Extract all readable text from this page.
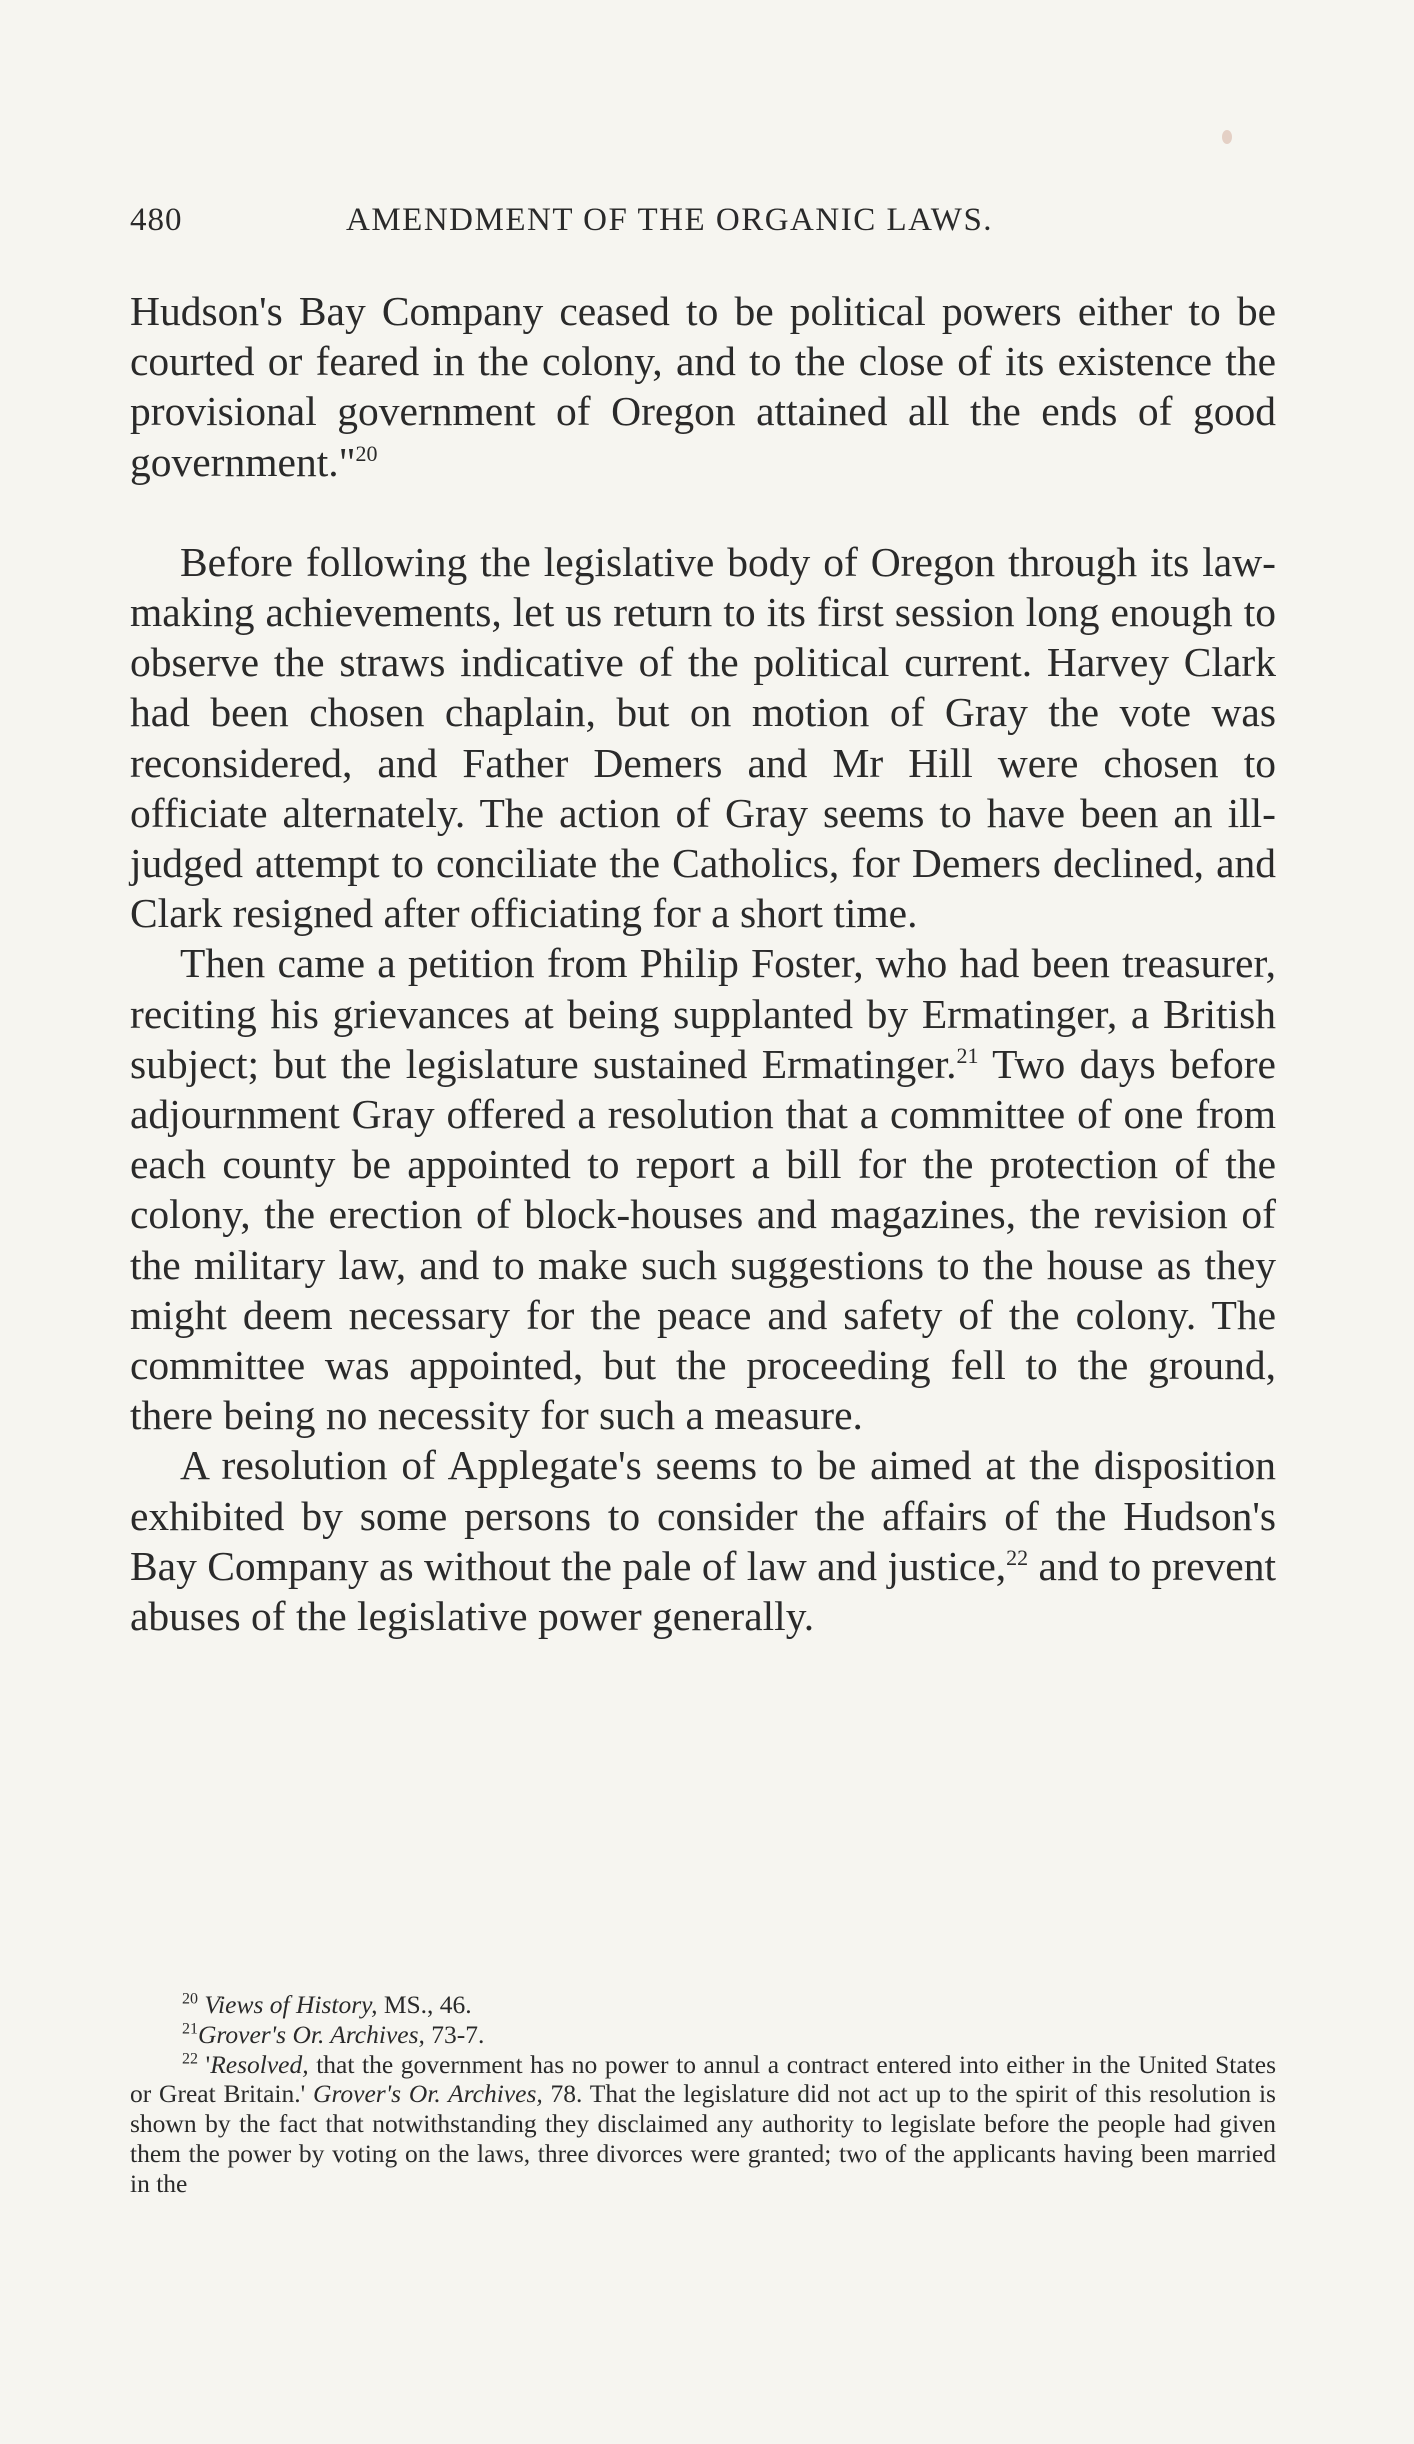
480	AMENDMENT OF THE ORGANIC LAWS.

Hudson's Bay Company ceased to be political powers either to be courted or feared in the colony, and to the close of its existence the provisional government of Oregon attained all the ends of good government."$^{20}$

Before following the legislative body of Oregon through its law-making achievements, let us return to its first session long enough to observe the straws indicative of the political current. Harvey Clark had been chosen chaplain, but on motion of Gray the vote was reconsidered, and Father Demers and Mr Hill were chosen to officiate alternately. The action of Gray seems to have been an ill-judged attempt to conciliate the Catholics, for Demers declined, and Clark resigned after officiating for a short time.

Then came a petition from Philip Foster, who had been treasurer, reciting his grievances at being supplanted by Ermatinger, a British subject; but the legislature sustained Ermatinger.$^{21}$ Two days before adjournment Gray offered a resolution that a committee of one from each county be appointed to report a bill for the protection of the colony, the erection of block-houses and magazines, the revision of the military law, and to make such suggestions to the house as they might deem necessary for the peace and safety of the colony. The committee was appointed, but the proceeding fell to the ground, there being no necessity for such a measure.

A resolution of Applegate's seems to be aimed at the disposition exhibited by some persons to consider the affairs of the Hudson's Bay Company as without the pale of law and justice,$^{22}$ and to prevent abuses of the legislative power generally.

$^{20}$ Views of History, MS., 46.

$^{21}$Grover's Or. Archives, 73-7.

$^{22}$ 'Resolved, that the government has no power to annul a contract entered into either in the United States or Great Britain.' Grover's Or. Archives, 78. That the legislature did not act up to the spirit of this resolution is shown by the fact that notwithstanding they disclaimed any authority to legislate before the people had given them the power by voting on the laws, three divorces were granted; two of the applicants having been married in the
